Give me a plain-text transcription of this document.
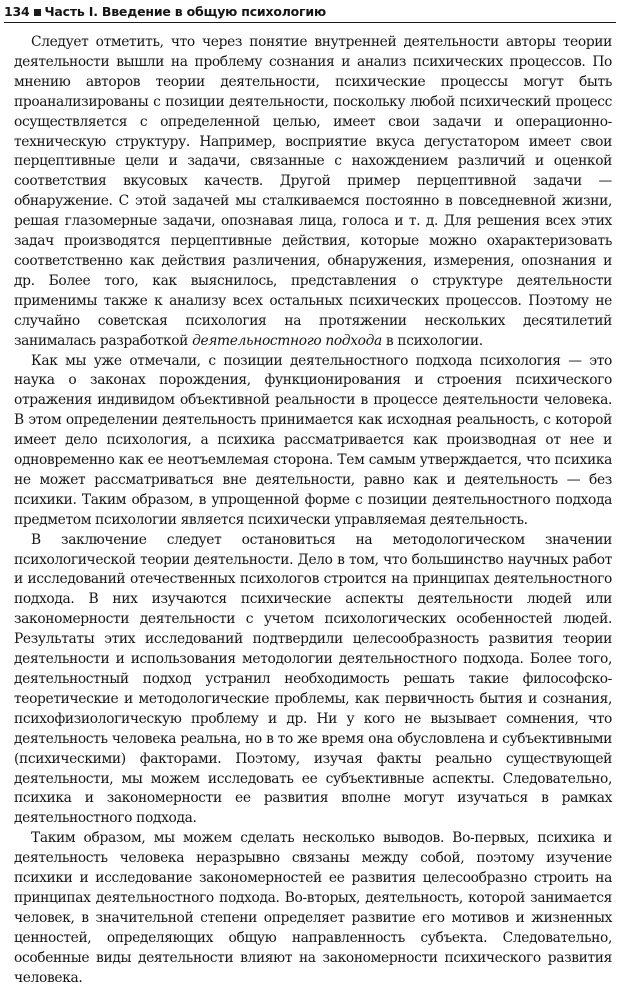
134 Часть I. Введение в общую психологию

Следует отметить, что через понятие внутренней деятельности авторы теории деятельности вышли на проблему сознания и анализ психических процессов. По мнению авторов теории деятельности, психические процессы могут быть проанализированы с позиции деятельности, поскольку любой психический процесс осуществляется с определенной целью, имеет свои задачи и операционно-техническую структуру. Например, восприятие вкуса дегустатором имеет свои перцептивные цели и задачи, связанные с нахождением различий и оценкой соответствия вкусовых качеств. Другой пример перцептивной задачи — обнаружение. С этой задачей мы сталкиваемся постоянно в повседневной жизни, решая глазомерные задачи, опознавая лица, голоса и т. д. Для решения всех этих задач производятся перцептивные действия, которые можно охарактеризовать соответственно как действия различения, обнаружения, измерения, опознания и др. Более того, как выяснилось, представления о структуре деятельности применимы также к анализу всех остальных психических процессов. Поэтому не случайно советская психология на протяжении нескольких десятилетий занималась разработкой деятельностного подхода в психологии.

Как мы уже отмечали, с позиции деятельностного подхода психология — это наука о законах порождения, функционирования и строения психического отражения индивидом объективной реальности в процессе деятельности человека. В этом определении деятельность принимается как исходная реальность, с которой имеет дело психология, а психика рассматривается как производная от нее и одновременно как ее неотъемлемая сторона. Тем самым утверждается, что психика не может рассматриваться вне деятельности, равно как и деятельность — без психики. Таким образом, в упрощенной форме с позиции деятельностного подхода предметом психологии является психически управляемая деятельность.

В заключение следует остановиться на методологическом значении психологической теории деятельности. Дело в том, что большинство научных работ и исследований отечественных психологов строится на принципах деятельностного подхода. В них изучаются психические аспекты деятельности людей или закономерности деятельности с учетом психологических особенностей людей. Результаты этих исследований подтвердили целесообразность развития теории деятельности и использования методологии деятельностного подхода. Более того, деятельностный подход устранил необходимость решать такие философско-теоретические и методологические проблемы, как первичность бытия и сознания, психофизиологическую проблему и др. Ни у кого не вызывает сомнения, что деятельность человека реальна, но в то же время она обусловлена и субъективными (психическими) факторами. Поэтому, изучая факты реально существующей деятельности, мы можем исследовать ее субъективные аспекты. Следовательно, психика и закономерности ее развития вполне могут изучаться в рамках деятельностного подхода.

Таким образом, мы можем сделать несколько выводов. Во-первых, психика и деятельность человека неразрывно связаны между собой, поэтому изучение психики и исследование закономерностей ее развития целесообразно строить на принципах деятельностного подхода. Во-вторых, деятельность, которой занимается человек, в значительной степени определяет развитие его мотивов и жизненных ценностей, определяющих общую направленность субъекта. Следовательно, особенные виды деятельности влияют на закономерности психического развития человека.
